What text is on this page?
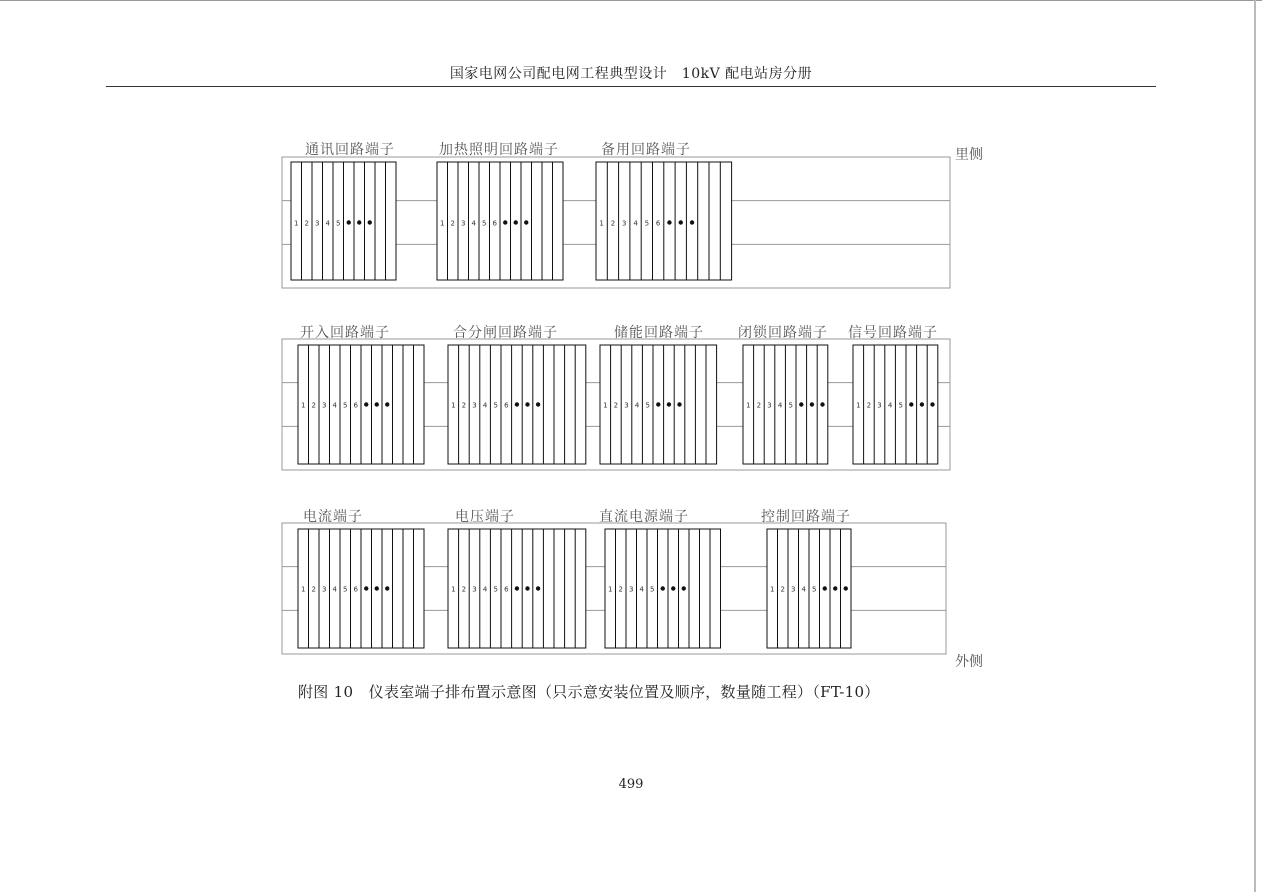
国家电网公司配电网工程典型设计　10kV 配电站房分册
1 2 3 4 5
通讯回路端子
1 2 3 4 5 6
加热照明回路端子
1 2 3 4 5 6
备用回路端子
1 2 3 4 5 6
开入回路端子
1 2 3 4 5 6
合分闸回路端子
1 2 3 4 5
储能回路端子
1 2 3 4 5
闭锁回路端子
1 2 3 4 5
信号回路端子
1 2 3 4 5 6
电流端子
1 2 3 4 5 6
电压端子
1 2 3 4 5
直流电源端子
1 2 3 4 5
控制回路端子
里侧
外侧
附图 10　仪表室端子排布置示意图（只示意安装位置及顺序，数量随工程）（FT-10）
499
